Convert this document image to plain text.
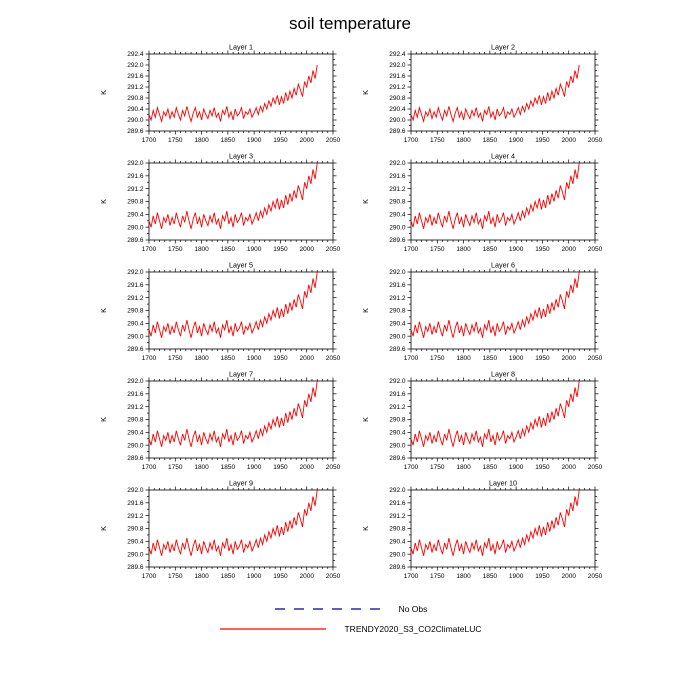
soil temperature
1700 1750 1800 1850 1900 1950 2000 2050
289.6
290.0
290.4
290.8
291.2
291.6
292.0
292.4
Layer 1
K
1700 1750 1800 1850 1900 1950 2000 2050
289.6
290.0
290.4
290.8
291.2
291.6
292.0
292.4
Layer 2
K
1700 1750 1800 1850 1900 1950 2000 2050
289.6
290.0
290.4
290.8
291.2
291.6
292.0
Layer 3
K
1700 1750 1800 1850 1900 1950 2000 2050
289.6
290.0
290.4
290.8
291.2
291.6
292.0
Layer 4
K
1700 1750 1800 1850 1900 1950 2000 2050
289.6
290.0
290.4
290.8
291.2
291.6
292.0
Layer 5
K
1700 1750 1800 1850 1900 1950 2000 2050
289.6
290.0
290.4
290.8
291.2
291.6
292.0
Layer 6
K
1700 1750 1800 1850 1900 1950 2000 2050
289.6
290.0
290.4
290.8
291.2
291.6
292.0
Layer 7
K
1700 1750 1800 1850 1900 1950 2000 2050
289.6
290.0
290.4
290.8
291.2
291.6
292.0
Layer 8
K
1700 1750 1800 1850 1900 1950 2000 2050
289.6
290.0
290.4
290.8
291.2
291.6
292.0
Layer 9
K
1700 1750 1800 1850 1900 1950 2000 2050
289.6
290.0
290.4
290.8
291.2
291.6
292.0
Layer 10
K
No Obs
TRENDY2020_S3_CO2ClimateLUC
